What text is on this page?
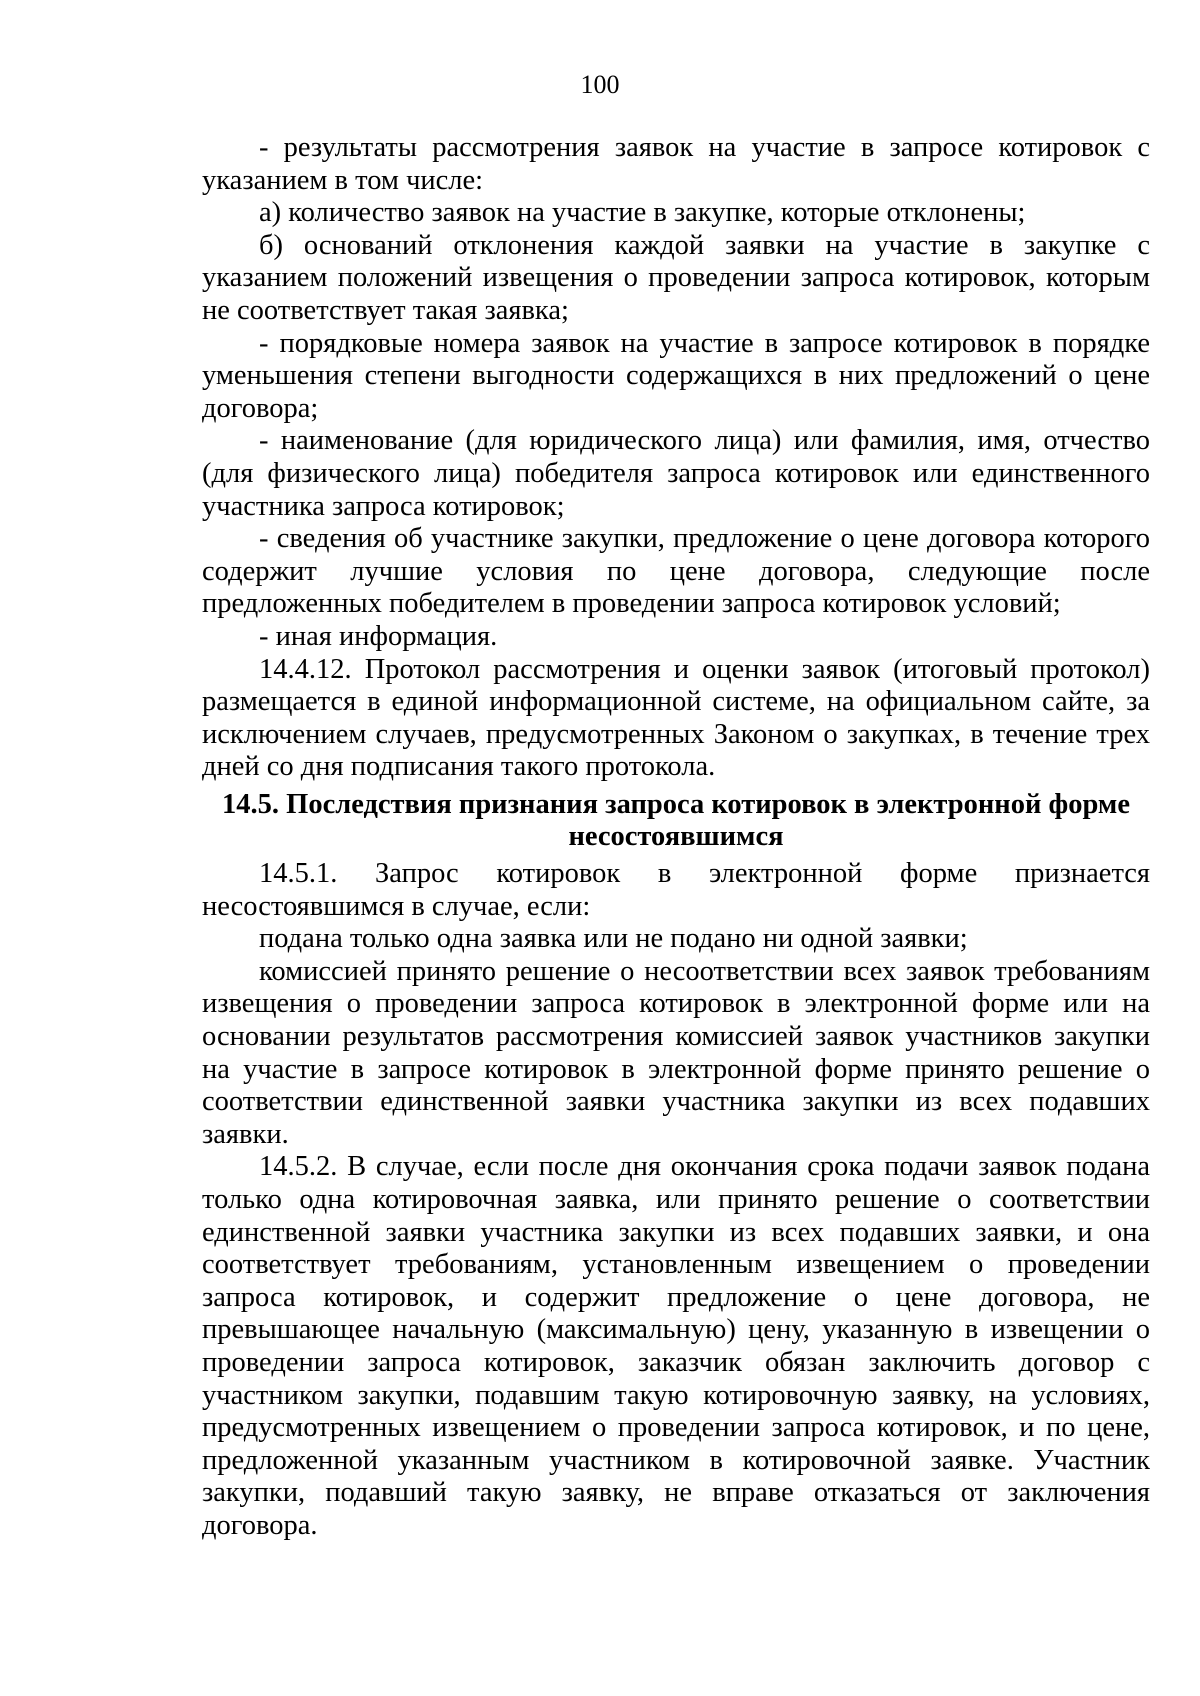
100

- результаты рассмотрения заявок на участие в запросе котировок с указанием в том числе:

а) количество заявок на участие в закупке, которые отклонены;

б) оснований отклонения каждой заявки на участие в закупке с указанием положений извещения о проведении запроса котировок, которым не соответствует такая заявка;

- порядковые номера заявок на участие в запросе котировок в порядке уменьшения степени выгодности содержащихся в них предложений о цене договора;

- наименование (для юридического лица) или фамилия, имя, отчество (для физического лица) победителя запроса котировок или единственного участника запроса котировок;

- сведения об участнике закупки, предложение о цене договора которого содержит лучшие условия по цене договора, следующие после предложенных победителем в проведении запроса котировок условий;

- иная информация.

14.4.12. Протокол рассмотрения и оценки заявок (итоговый протокол) размещается в единой информационной системе, на официальном сайте, за исключением случаев, предусмотренных Законом о закупках, в течение трех дней со дня подписания такого протокола.

14.5. Последствия признания запроса котировок в электронной форме
несостоявшимся

14.5.1. Запрос котировок в электронной форме признается несостоявшимся в случае, если:

подана только одна заявка или не подано ни одной заявки;

комиссией принято решение о несоответствии всех заявок требованиям извещения о проведении запроса котировок в электронной форме или на основании результатов рассмотрения комиссией заявок участников закупки на участие в запросе котировок в электронной форме принято решение о соответствии единственной заявки участника закупки из всех подавших заявки.

14.5.2. В случае, если после дня окончания срока подачи заявок подана только одна котировочная заявка, или принято решение о соответствии единственной заявки участника закупки из всех подавших заявки, и она соответствует требованиям, установленным извещением о проведении запроса котировок, и содержит предложение о цене договора, не превышающее начальную (максимальную) цену, указанную в извещении о проведении запроса котировок, заказчик обязан заключить договор с участником закупки, подавшим такую котировочную заявку, на условиях, предусмотренных извещением о проведении запроса котировок, и по цене, предложенной указанным участником в котировочной заявке. Участник закупки, подавший такую заявку, не вправе отказаться от заключения договора.
